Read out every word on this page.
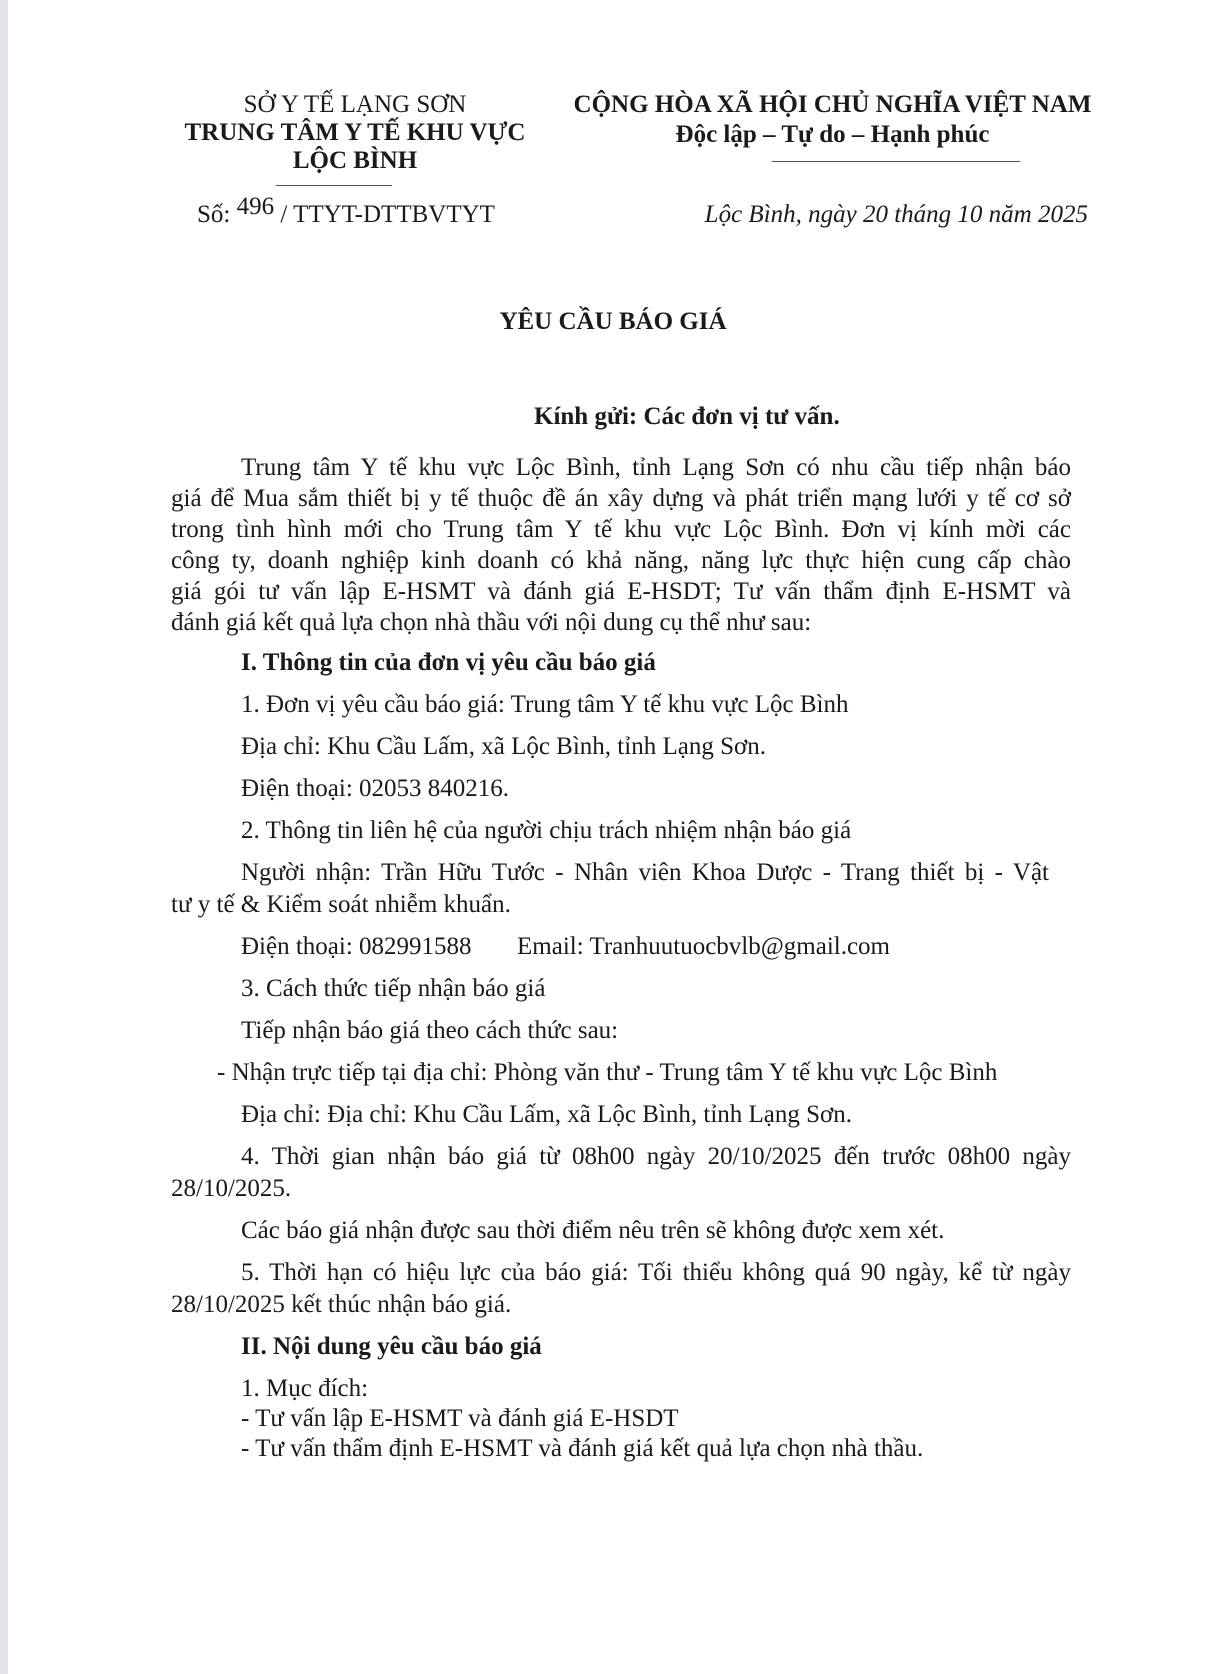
SỞ Y TẾ LẠNG SƠN
TRUNG TÂM Y TẾ KHU VỰC
LỘC BÌNH
Số: 496 / TTYT-DTTBVTYT
CỘNG HÒA XÃ HỘI CHỦ NGHĨA VIỆT NAM
Độc lập – Tự do – Hạnh phúc
Lộc Bình, ngày 20 tháng 10 năm 2025
YÊU CẦU BÁO GIÁ
Kính gửi: Các đơn vị tư vấn.
Trung tâm Y tế khu vực Lộc Bình, tỉnh Lạng Sơn có nhu cầu tiếp nhận báo
giá để Mua sắm thiết bị y tế thuộc đề án xây dựng và phát triển mạng lưới y tế cơ sở
trong tình hình mới cho Trung tâm Y tế khu vực Lộc Bình. Đơn vị kính mời các
công ty, doanh nghiệp kinh doanh có khả năng, năng lực thực hiện cung cấp chào
giá gói tư vấn lập E-HSMT và đánh giá E-HSDT; Tư vấn thẩm định E-HSMT và
đánh giá kết quả lựa chọn nhà thầu với nội dung cụ thể như sau:
I. Thông tin của đơn vị yêu cầu báo giá
1. Đơn vị yêu cầu báo giá: Trung tâm Y tế khu vực Lộc Bình
Địa chỉ: Khu Cầu Lấm, xã Lộc Bình, tỉnh Lạng Sơn.
Điện thoại: 02053 840216.
2. Thông tin liên hệ của người chịu trách nhiệm nhận báo giá
Người nhận: Trần Hữu Tước - Nhân viên Khoa Dược - Trang thiết bị - Vật
tư y tế & Kiểm soát nhiễm khuẩn.
Điện thoại: 082991588 Email: Tranhuutuocbvlb@gmail.com
3. Cách thức tiếp nhận báo giá
Tiếp nhận báo giá theo cách thức sau:
- Nhận trực tiếp tại địa chỉ: Phòng văn thư - Trung tâm Y tế khu vực Lộc Bình
Địa chỉ: Địa chỉ: Khu Cầu Lấm, xã Lộc Bình, tỉnh Lạng Sơn.
4. Thời gian nhận báo giá từ 08h00 ngày 20/10/2025 đến trước 08h00 ngày
28/10/2025.
Các báo giá nhận được sau thời điểm nêu trên sẽ không được xem xét.
5. Thời hạn có hiệu lực của báo giá: Tối thiểu không quá 90 ngày, kể từ ngày
28/10/2025 kết thúc nhận báo giá.
II. Nội dung yêu cầu báo giá
1. Mục đích:
- Tư vấn lập E-HSMT và đánh giá E-HSDT
- Tư vấn thẩm định E-HSMT và đánh giá kết quả lựa chọn nhà thầu.
